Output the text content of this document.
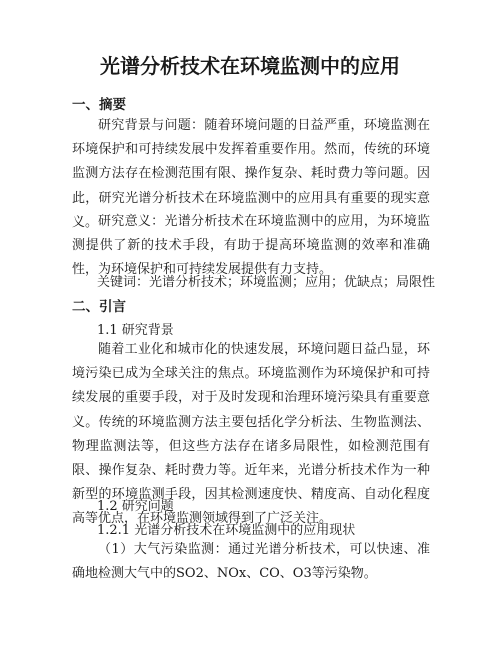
光谱分析技术在环境监测中的应用
一、摘要

研究背景与问题：随着环境问题的日益严重，环境监测在环境保护和可持续发展中发挥着重要作用。然而，传统的环境监测方法存在检测范围有限、操作复杂、耗时费力等问题。因此，研究光谱分析技术在环境监测中的应用具有重要的现实意义。 研究意义：光谱分析技术在环境监测中的应用，为环境监测提供了新的技术手段，有助于提高环境监测的效率和准确性，为环境保护和可持续发展提供有力支持。

关键词：光谱分析技术；环境监测；应用；优缺点；局限性
二、引言
1.1 研究背景

随着工业化和城市化的快速发展，环境问题日益凸显，环境污染已成为全球关注的焦点。环境监测作为环境保护和可持续发展的重要手段，对于及时发现和治理环境污染具有重要意义。传统的环境监测方法主要包括化学分析法、生物监测法、物理监测法等，但这些方法存在诸多局限性，如检测范围有限、操作复杂、耗时费力等。近年来，光谱分析技术作为一种新型的环境监测手段，因其检测速度快、精度高、自动化程度高等优点，在环境监测领域得到了广泛关注。

1.2 研究问题
1.2.1 光谱分析技术在环境监测中的应用现状

（1）大气污染监测：通过光谱分析技术，可以快速、准确地检测大气中的SO2、NOx、CO、O3等污染物。
